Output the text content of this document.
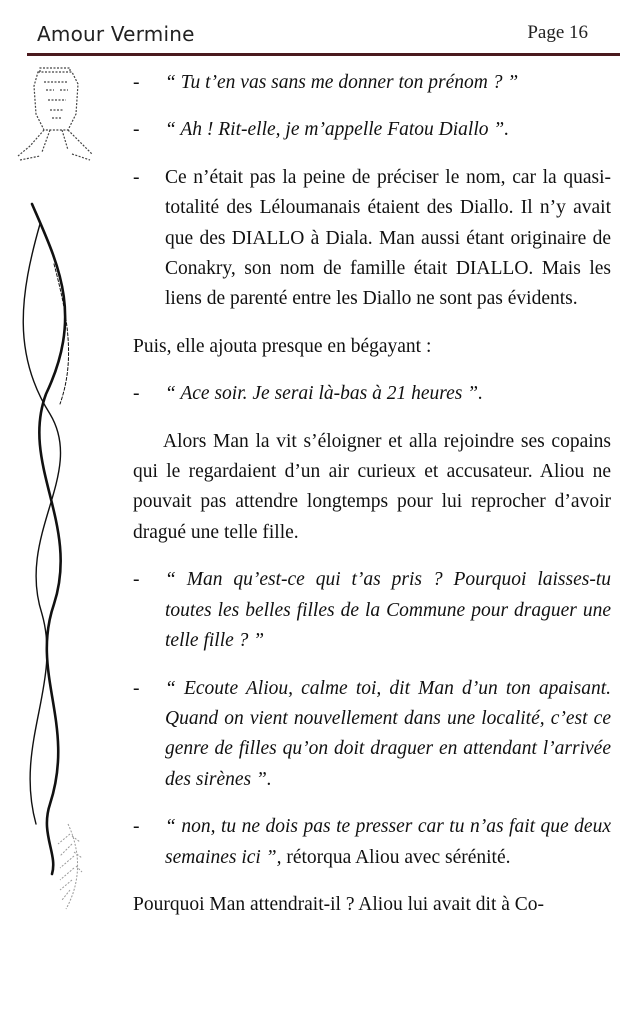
Amour Vermine	Page 16
- “ Tu t’en vas sans me donner ton prénom ? ”
- “ Ah ! Rit-elle, je m’appelle Fatou Diallo ”.
- Ce n’était pas la peine de préciser le nom, car la quasi-totalité des Léloumanais étaient des Diallo. Il n’y avait que des DIALLO à Diala. Man aussi étant originaire de Conakry, son nom de famille était DIALLO. Mais les liens de parenté entre les Diallo ne sont pas évidents.

Puis, elle ajouta presque en bégayant :

- “ Ace soir. Je serai là-bas à 21 heures ”.

Alors Man la vit s’éloigner et alla rejoindre ses copains qui le regardaient d’un air curieux et accusateur. Aliou ne pouvait pas attendre longtemps pour lui reprocher d’avoir dragué une telle fille.

- “ Man qu’est-ce qui t’as pris ? Pourquoi laisses-tu toutes les belles filles de la Commune pour draguer une telle fille ? ”
- “ Ecoute Aliou, calme toi, dit Man d’un ton apaisant. Quand on vient nouvellement dans une localité, c’est ce genre de filles qu’on doit draguer en attendant l’arrivée des sirènes ”.
- “ non, tu ne dois pas te presser car tu n’as fait que deux semaines ici ”, rétorqua Aliou avec sérénité.

Pourquoi Man attendrait-il ? Aliou lui avait dit à Co-
